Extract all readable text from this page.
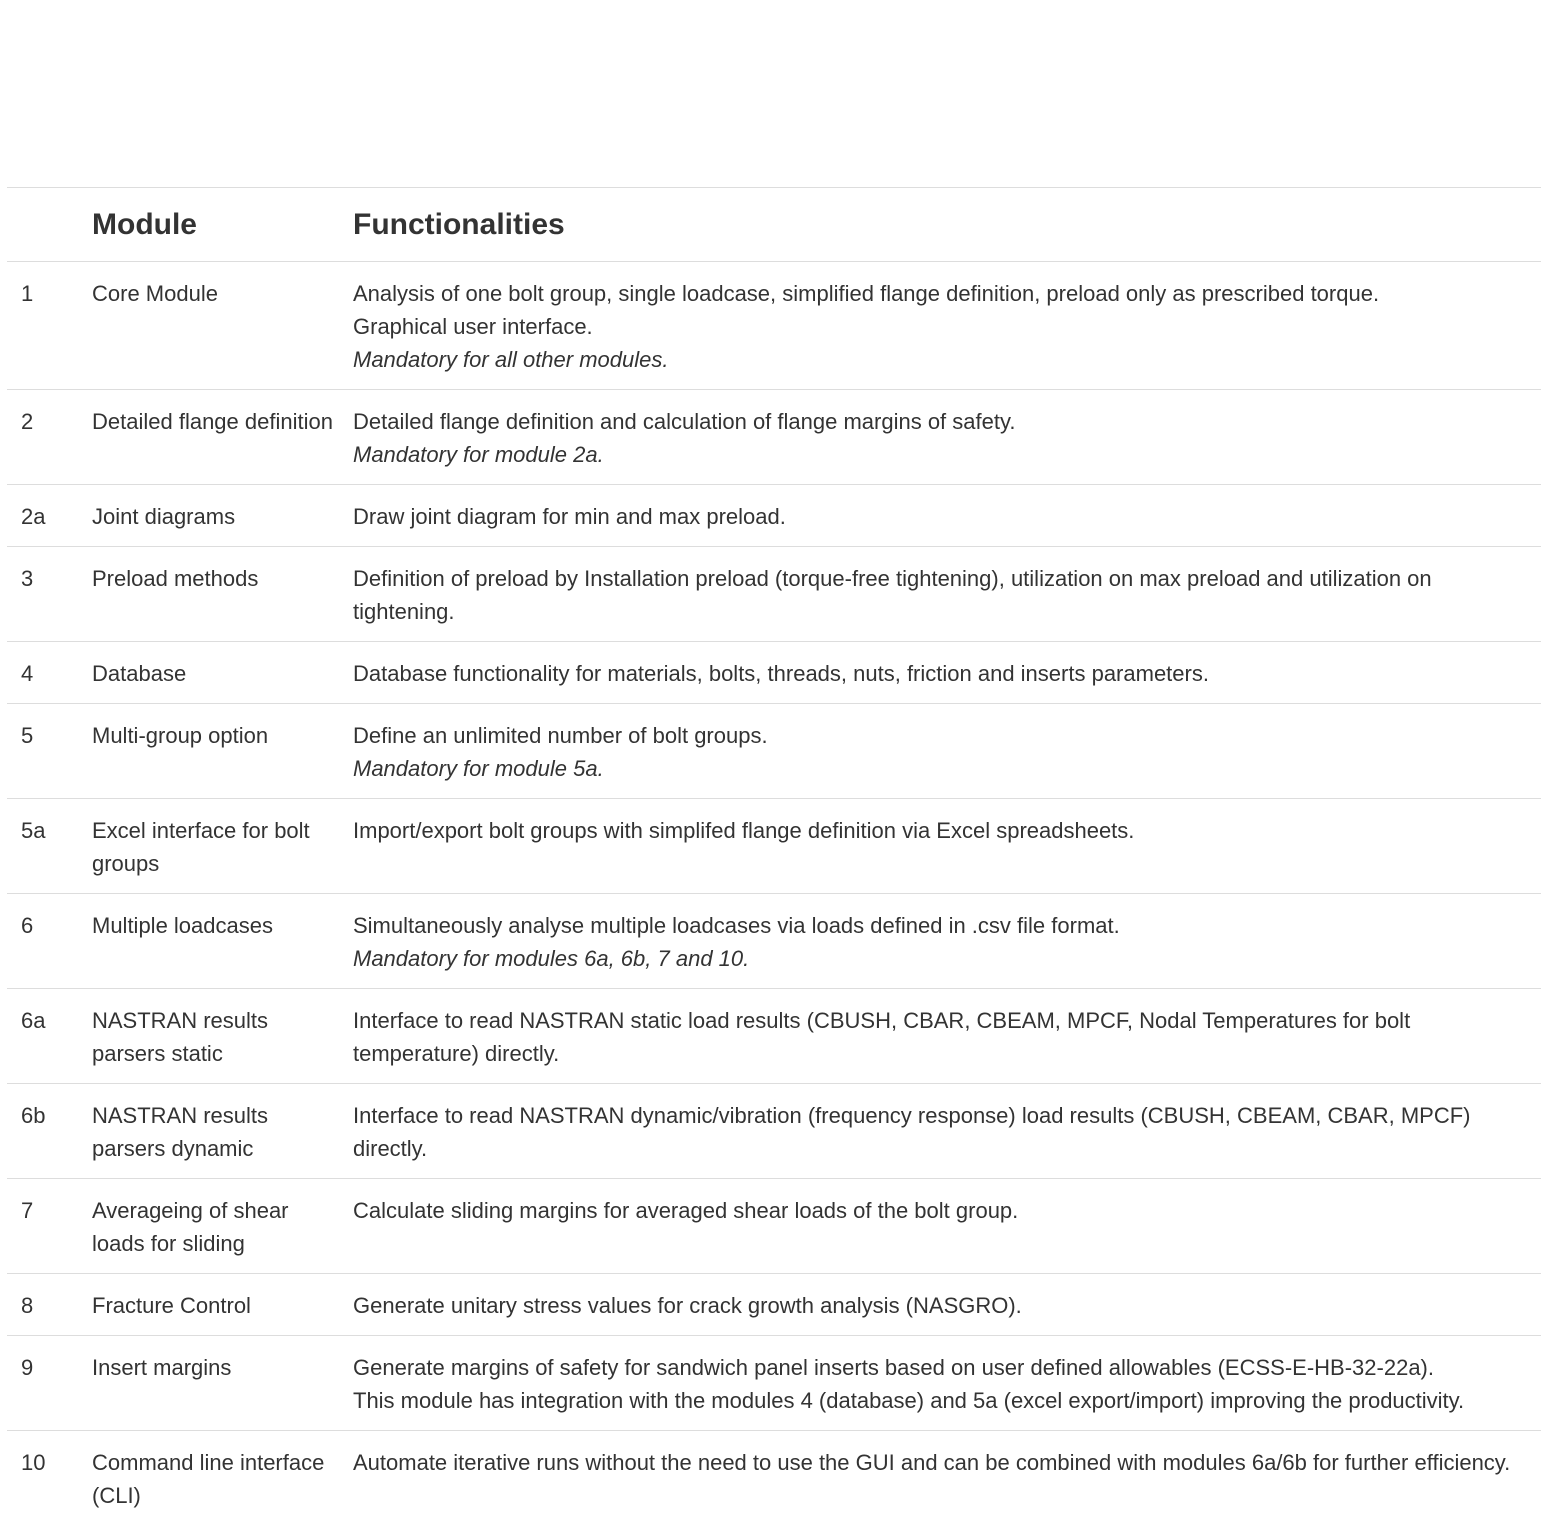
	Module	Functionalities
1	Core Module	Analysis of one bolt group, single loadcase, simplified flange definition, preload only as prescribed torque.
Graphical user interface.
Mandatory for all other modules.

2	Detailed flange definition	Detailed flange definition and calculation of flange margins of safety.
Mandatory for module 2a.

2a	Joint diagrams	Draw joint diagram for min and max preload.

3	Preload methods	Definition of preload by Installation preload (torque-free tightening), utilization on max preload and utilization on tightening.

4	Database	Database functionality for materials, bolts, threads, nuts, friction and inserts parameters.

5	Multi-group option	Define an unlimited number of bolt groups.
Mandatory for module 5a.

5a	Excel interface for bolt groups	Import/export bolt groups with simplifed flange definition via Excel spreadsheets.

6	Multiple loadcases	Simultaneously analyse multiple loadcases via loads defined in .csv file format.
Mandatory for modules 6a, 6b, 7 and 10.

6a	NASTRAN results parsers static	Interface to read NASTRAN static load results (CBUSH, CBAR, CBEAM, MPCF, Nodal Temperatures for bolt temperature) directly.

6b	NASTRAN results parsers dynamic	Interface to read NASTRAN dynamic/vibration (frequency response) load results (CBUSH, CBEAM, CBAR, MPCF) directly.

7	Averageing of shear loads for sliding	Calculate sliding margins for averaged shear loads of the bolt group.

8	Fracture Control	Generate unitary stress values for crack growth analysis (NASGRO).

9	Insert margins	Generate margins of safety for sandwich panel inserts based on user defined allowables (ECSS-E-HB-32-22a).
This module has integration with the modules 4 (database) and 5a (excel export/import) improving the productivity.

10	Command line interface (CLI)	Automate iterative runs without the need to use the GUI and can be combined with modules 6a/6b for further efficiency.
